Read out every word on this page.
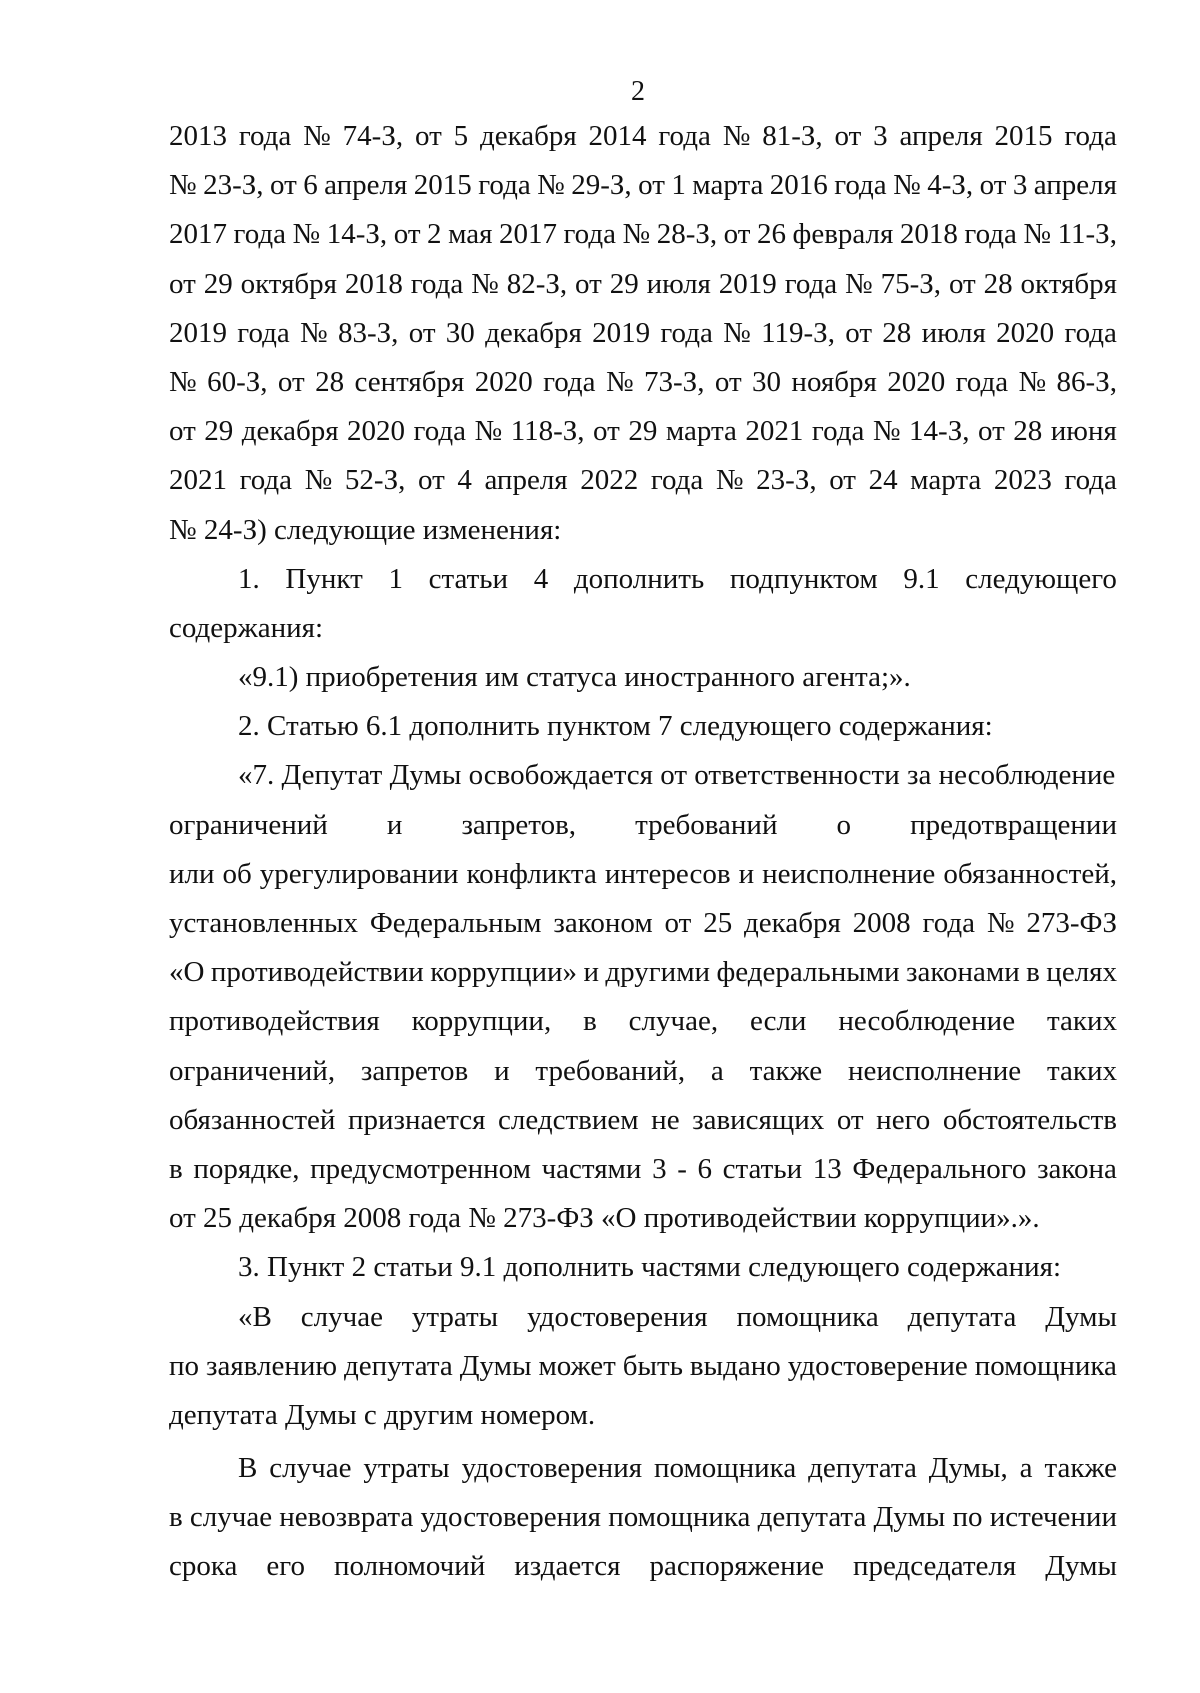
2
2013 года № 74-З, от 5 декабря 2014 года № 81-З, от 3 апреля 2015 года
№ 23-З, от 6 апреля 2015 года № 29-З, от 1 марта 2016 года № 4-З, от 3 апреля
2017 года № 14-З, от 2 мая 2017 года № 28-З, от 26 февраля 2018 года № 11-З,
от 29 октября 2018 года № 82-З, от 29 июля 2019 года № 75-З, от 28 октября
2019 года № 83-З, от 30 декабря 2019 года № 119-З, от 28 июля 2020 года
№ 60-З, от 28 сентября 2020 года № 73-З, от 30 ноября 2020 года № 86-З,
от 29 декабря 2020 года № 118-З, от 29 марта 2021 года № 14-З, от 28 июня
2021 года № 52-З, от 4 апреля 2022 года № 23-З, от 24 марта 2023 года
№ 24-З) следующие изменения:
1. Пункт 1 статьи 4 дополнить подпунктом 9.1 следующего
содержания:
«9.1) приобретения им статуса иностранного агента;».
2. Статью 6.1 дополнить пунктом 7 следующего содержания:
«7. Депутат Думы освобождается от ответственности за несоблюдение
ограничений и запретов, требований о предотвращении
или об урегулировании конфликта интересов и неисполнение обязанностей,
установленных Федеральным законом от 25 декабря 2008 года № 273-ФЗ
«О противодействии коррупции» и другими федеральными законами в целях
противодействия коррупции, в случае, если несоблюдение таких
ограничений, запретов и требований, а также неисполнение таких
обязанностей признается следствием не зависящих от него обстоятельств
в порядке, предусмотренном частями 3 - 6 статьи 13 Федерального закона
от 25 декабря 2008 года № 273-ФЗ «О противодействии коррупции».».
3. Пункт 2 статьи 9.1 дополнить частями следующего содержания:
«В случае утраты удостоверения помощника депутата Думы
по заявлению депутата Думы может быть выдано удостоверение помощника
депутата Думы с другим номером.
В случае утраты удостоверения помощника депутата Думы, а также
в случае невозврата удостоверения помощника депутата Думы по истечении
срока его полномочий издается распоряжение председателя Думы
